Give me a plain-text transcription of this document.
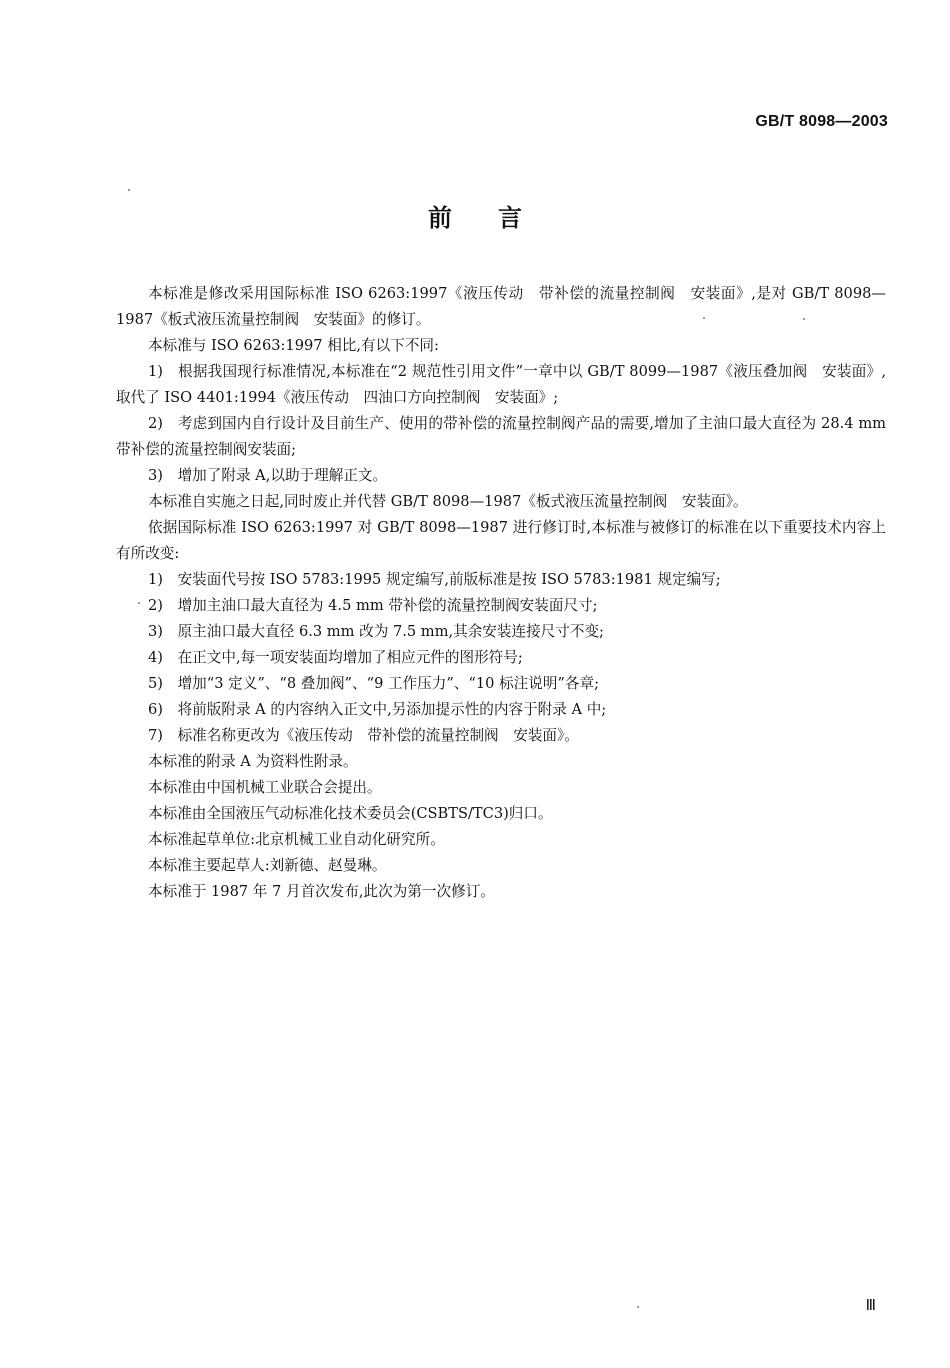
GB/T 8098—2003
前言

本标准是修改采用国际标准 ISO 6263:1997《液压传动　带补偿的流量控制阀　安装面》,是对 GB/T 8098—1987《板式液压流量控制阀　安装面》的修订。

本标准与 ISO 6263:1997 相比,有以下不同:

1)　根据我国现行标准情况,本标准在“2 规范性引用文件”一章中以 GB/T 8099—1987《液压叠加阀　安装面》,取代了 ISO 4401:1994《液压传动　四油口方向控制阀　安装面》;

2)　考虑到国内自行设计及目前生产、使用的带补偿的流量控制阀产品的需要,增加了主油口最大直径为 28.4 mm 带补偿的流量控制阀安装面;

3)　增加了附录 A,以助于理解正文。

本标准自实施之日起,同时废止并代替 GB/T 8098—1987《板式液压流量控制阀　安装面》。

依据国际标准 ISO 6263:1997 对 GB/T 8098—1987 进行修订时,本标准与被修订的标准在以下重要技术内容上有所改变:

1)　安装面代号按 ISO 5783:1995 规定编写,前版标准是按 ISO 5783:1981 规定编写;

2)　增加主油口最大直径为 4.5 mm 带补偿的流量控制阀安装面尺寸;

3)　原主油口最大直径 6.3 mm 改为 7.5 mm,其余安装连接尺寸不变;

4)　在正文中,每一项安装面均增加了相应元件的图形符号;

5)　增加“3 定义”、“8 叠加阀”、“9 工作压力”、“10 标注说明”各章;

6)　将前版附录 A 的内容纳入正文中,另添加提示性的内容于附录 A 中;

7)　标准名称更改为《液压传动　带补偿的流量控制阀　安装面》。

本标准的附录 A 为资料性附录。

本标准由中国机械工业联合会提出。

本标准由全国液压气动标准化技术委员会(CSBTS/TC3)归口。

本标准起草单位:北京机械工业自动化研究所。

本标准主要起草人:刘新德、赵曼琳。

本标准于 1987 年 7 月首次发布,此次为第一次修订。

Ⅲ
